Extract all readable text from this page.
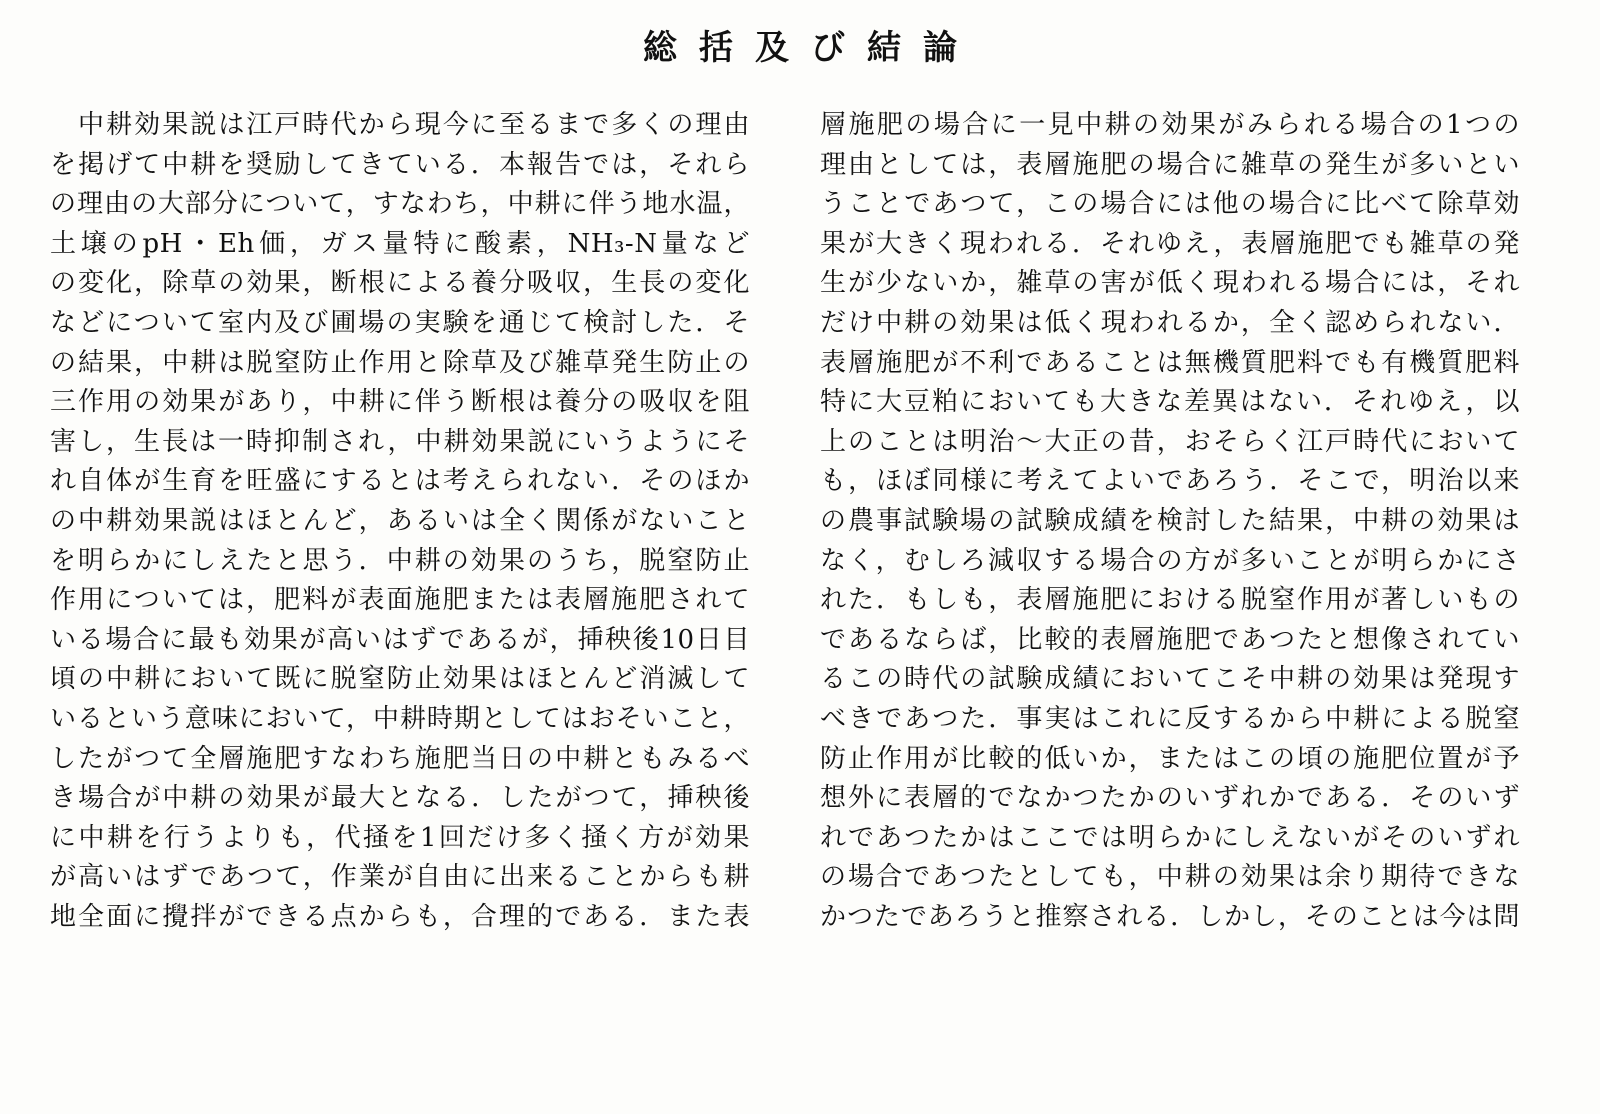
総括及び結論
　中耕効果説は江戸時代から現今に至るまで多くの理由
を掲げて中耕を奨励してきている．本報告では，それら
の理由の大部分について，すなわち，中耕に伴う地水温，
土壌のpH・Eh価，ガス量特に酸素，NH₃-N量など
の変化，除草の効果，断根による養分吸収，生長の変化
などについて室内及び圃場の実験を通じて検討した．そ
の結果，中耕は脱窒防止作用と除草及び雑草発生防止の
三作用の効果があり，中耕に伴う断根は養分の吸収を阻
害し，生長は一時抑制され，中耕効果説にいうようにそ
れ自体が生育を旺盛にするとは考えられない．そのほか
の中耕効果説はほとんど，あるいは全く関係がないこと
を明らかにしえたと思う．中耕の効果のうち，脱窒防止
作用については，肥料が表面施肥または表層施肥されて
いる場合に最も効果が高いはずであるが，挿秧後10日目
頃の中耕において既に脱窒防止効果はほとんど消滅して
いるという意味において，中耕時期としてはおそいこと，
したがつて全層施肥すなわち施肥当日の中耕ともみるべ
き場合が中耕の効果が最大となる．したがつて，挿秧後
に中耕を行うよりも，代掻を1回だけ多く掻く方が効果
が高いはずであつて，作業が自由に出来ることからも耕
地全面に攪拌ができる点からも，合理的である．また表
層施肥の場合に一見中耕の効果がみられる場合の1つの
理由としては，表層施肥の場合に雑草の発生が多いとい
うことであつて，この場合には他の場合に比べて除草効
果が大きく現われる．それゆえ，表層施肥でも雑草の発
生が少ないか，雑草の害が低く現われる場合には，それ
だけ中耕の効果は低く現われるか，全く認められない．
表層施肥が不利であることは無機質肥料でも有機質肥料
特に大豆粕においても大きな差異はない．それゆえ，以
上のことは明治～大正の昔，おそらく江戸時代において
も，ほぼ同様に考えてよいであろう．そこで，明治以来
の農事試験場の試験成績を検討した結果，中耕の効果は
なく，むしろ減収する場合の方が多いことが明らかにさ
れた．もしも，表層施肥における脱窒作用が著しいもの
であるならば，比較的表層施肥であつたと想像されてい
るこの時代の試験成績においてこそ中耕の効果は発現す
べきであつた．事実はこれに反するから中耕による脱窒
防止作用が比較的低いか，またはこの頃の施肥位置が予
想外に表層的でなかつたかのいずれかである．そのいず
れであつたかはここでは明らかにしえないがそのいずれ
の場合であつたとしても，中耕の効果は余り期待できな
かつたであろうと推察される．しかし，そのことは今は問
